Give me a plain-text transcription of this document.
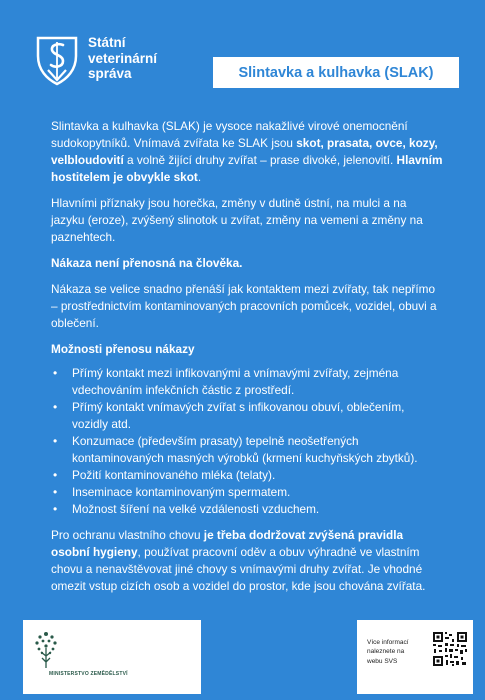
Státní
veterinární
správa	Slintavka a kulhavka (SLAK)

Slintavka a kulhavka (SLAK) je vysoce nakažlivé virové onemocnění sudokopytníků. Vnímavá zvířata ke SLAK jsou skot, prasata, ovce, kozy, velbloudovití a volně žijící druhy zvířat – prase divoké, jelenovití. Hlavním hostitelem je obvykle skot.

Hlavními příznaky jsou horečka, změny v dutině ústní, na mulci a na jazyku (eroze), zvýšený slinotok u zvířat, změny na vemeni a změny na paznehtech.

Nákaza není přenosná na člověka.

Nákaza se velice snadno přenáší jak kontaktem mezi zvířaty, tak nepřímo – prostřednictvím kontaminovaných pracovních pomůcek, vozidel, obuvi a oblečení.

Možnosti přenosu nákazy
• Přímý kontakt mezi infikovanými a vnímavými zvířaty, zejména vdechováním infekčních částic z prostředí.
• Přímý kontakt vnímavých zvířat s infikovanou obuví, oblečením, vozidly atd.
• Konzumace (především prasaty) tepelně neošetřených kontaminovaných masných výrobků (krmení kuchyňských zbytků).
• Požití kontaminovaného mléka (telaty).
• Inseminace kontaminovaným spermatem.
• Možnost šíření na velké vzdálenosti vzduchem.

Pro ochranu vlastního chovu je třeba dodržovat zvýšená pravidla osobní hygieny, používat pracovní oděv a obuv výhradně ve vlastním chovu a nenavštěvovat jiné chovy s vnímavými druhy zvířat. Je vhodné omezit vstup cizích osob a vozidel do prostor, kde jsou chována zvířata.

MINISTERSTVO ZEMĚDĚLSTVÍ
Více informací
naleznete na
webu SVS
